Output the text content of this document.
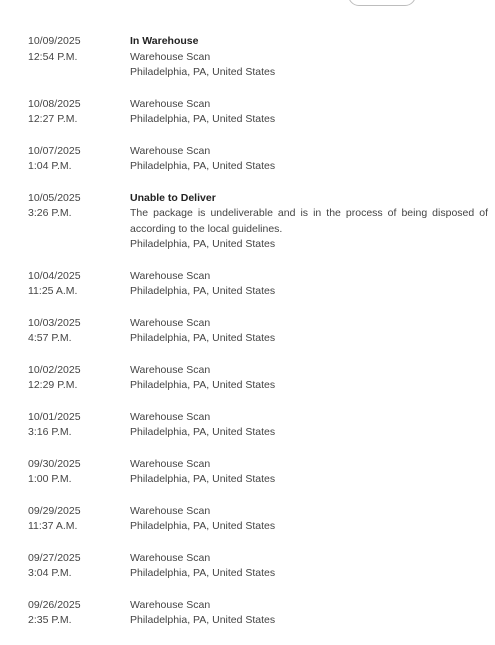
10/09/2025
12:54 P.M.
In Warehouse
Warehouse Scan
Philadelphia, PA, United States
10/08/2025
12:27 P.M.
Warehouse Scan
Philadelphia, PA, United States
10/07/2025
1:04 P.M.
Warehouse Scan
Philadelphia, PA, United States
10/05/2025
3:26 P.M.
Unable to Deliver
The package is undeliverable and is in the process of being disposed of according to the local guidelines.
Philadelphia, PA, United States
10/04/2025
11:25 A.M.
Warehouse Scan
Philadelphia, PA, United States
10/03/2025
4:57 P.M.
Warehouse Scan
Philadelphia, PA, United States
10/02/2025
12:29 P.M.
Warehouse Scan
Philadelphia, PA, United States
10/01/2025
3:16 P.M.
Warehouse Scan
Philadelphia, PA, United States
09/30/2025
1:00 P.M.
Warehouse Scan
Philadelphia, PA, United States
09/29/2025
11:37 A.M.
Warehouse Scan
Philadelphia, PA, United States
09/27/2025
3:04 P.M.
Warehouse Scan
Philadelphia, PA, United States
09/26/2025
2:35 P.M.
Warehouse Scan
Philadelphia, PA, United States
